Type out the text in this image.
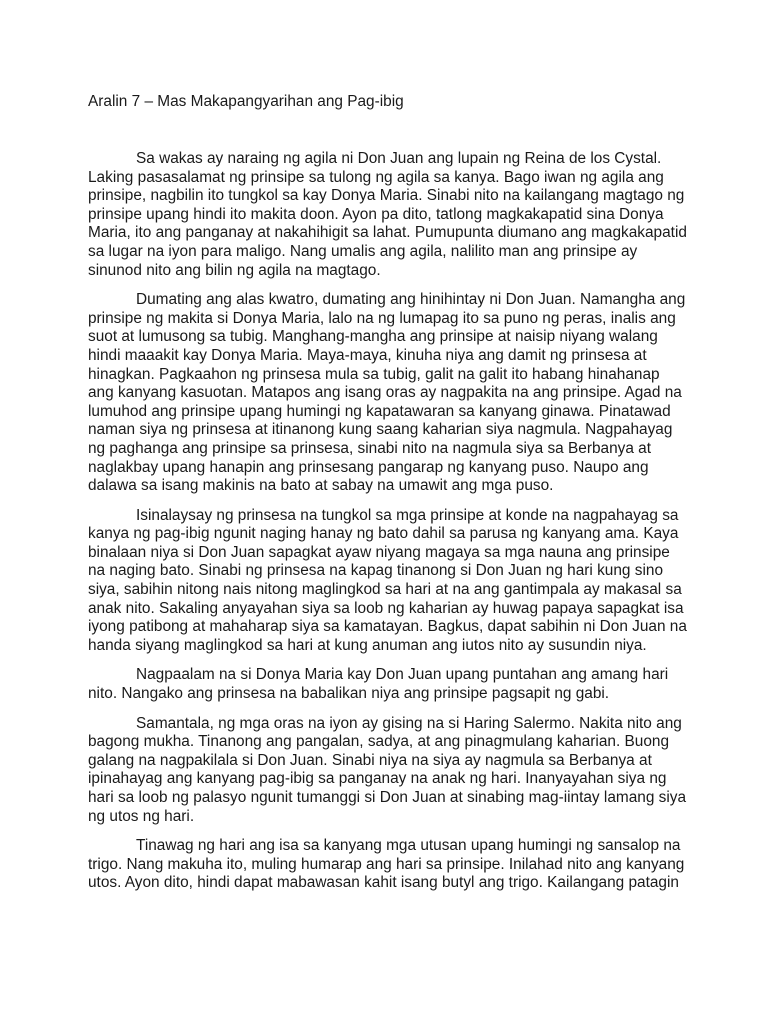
Aralin 7 – Mas Makapangyarihan ang Pag-ibig

Sa wakas ay naraing ng agila ni Don Juan ang lupain ng Reina de los Cystal.
Laking pasasalamat ng prinsipe sa tulong ng agila sa kanya. Bago iwan ng agila ang
prinsipe, nagbilin ito tungkol sa kay Donya Maria. Sinabi nito na kailangang magtago ng
prinsipe upang hindi ito makita doon. Ayon pa dito, tatlong magkakapatid sina Donya
Maria, ito ang panganay at nakahihigit sa lahat. Pumupunta diumano ang magkakapatid
sa lugar na iyon para maligo. Nang umalis ang agila, nalilito man ang prinsipe ay
sinunod nito ang bilin ng agila na magtago.

Dumating ang alas kwatro, dumating ang hinihintay ni Don Juan. Namangha ang
prinsipe ng makita si Donya Maria, lalo na ng lumapag ito sa puno ng peras, inalis ang
suot at lumusong sa tubig. Manghang-mangha ang prinsipe at naisip niyang walang
hindi maaakit kay Donya Maria. Maya-maya, kinuha niya ang damit ng prinsesa at
hinagkan. Pagkaahon ng prinsesa mula sa tubig, galit na galit ito habang hinahanap
ang kanyang kasuotan. Matapos ang isang oras ay nagpakita na ang prinsipe. Agad na
lumuhod ang prinsipe upang humingi ng kapatawaran sa kanyang ginawa. Pinatawad
naman siya ng prinsesa at itinanong kung saang kaharian siya nagmula. Nagpahayag
ng paghanga ang prinsipe sa prinsesa, sinabi nito na nagmula siya sa Berbanya at
naglakbay upang hanapin ang prinsesang pangarap ng kanyang puso. Naupo ang
dalawa sa isang makinis na bato at sabay na umawit ang mga puso.

Isinalaysay ng prinsesa na tungkol sa mga prinsipe at konde na nagpahayag sa
kanya ng pag-ibig ngunit naging hanay ng bato dahil sa parusa ng kanyang ama. Kaya
binalaan niya si Don Juan sapagkat ayaw niyang magaya sa mga nauna ang prinsipe
na naging bato. Sinabi ng prinsesa na kapag tinanong si Don Juan ng hari kung sino
siya, sabihin nitong nais nitong maglingkod sa hari at na ang gantimpala ay makasal sa
anak nito. Sakaling anyayahan siya sa loob ng kaharian ay huwag papaya sapagkat isa
iyong patibong at mahaharap siya sa kamatayan. Bagkus, dapat sabihin ni Don Juan na
handa siyang maglingkod sa hari at kung anuman ang iutos nito ay susundin niya.

Nagpaalam na si Donya Maria kay Don Juan upang puntahan ang amang hari
nito. Nangako ang prinsesa na babalikan niya ang prinsipe pagsapit ng gabi.

Samantala, ng mga oras na iyon ay gising na si Haring Salermo. Nakita nito ang
bagong mukha. Tinanong ang pangalan, sadya, at ang pinagmulang kaharian. Buong
galang na nagpakilala si Don Juan. Sinabi niya na siya ay nagmula sa Berbanya at
ipinahayag ang kanyang pag-ibig sa panganay na anak ng hari. Inanyayahan siya ng
hari sa loob ng palasyo ngunit tumanggi si Don Juan at sinabing mag-iintay lamang siya
ng utos ng hari.

Tinawag ng hari ang isa sa kanyang mga utusan upang humingi ng sansalop na
trigo. Nang makuha ito, muling humarap ang hari sa prinsipe. Inilahad nito ang kanyang
utos. Ayon dito, hindi dapat mabawasan kahit isang butyl ang trigo. Kailangang patagin
